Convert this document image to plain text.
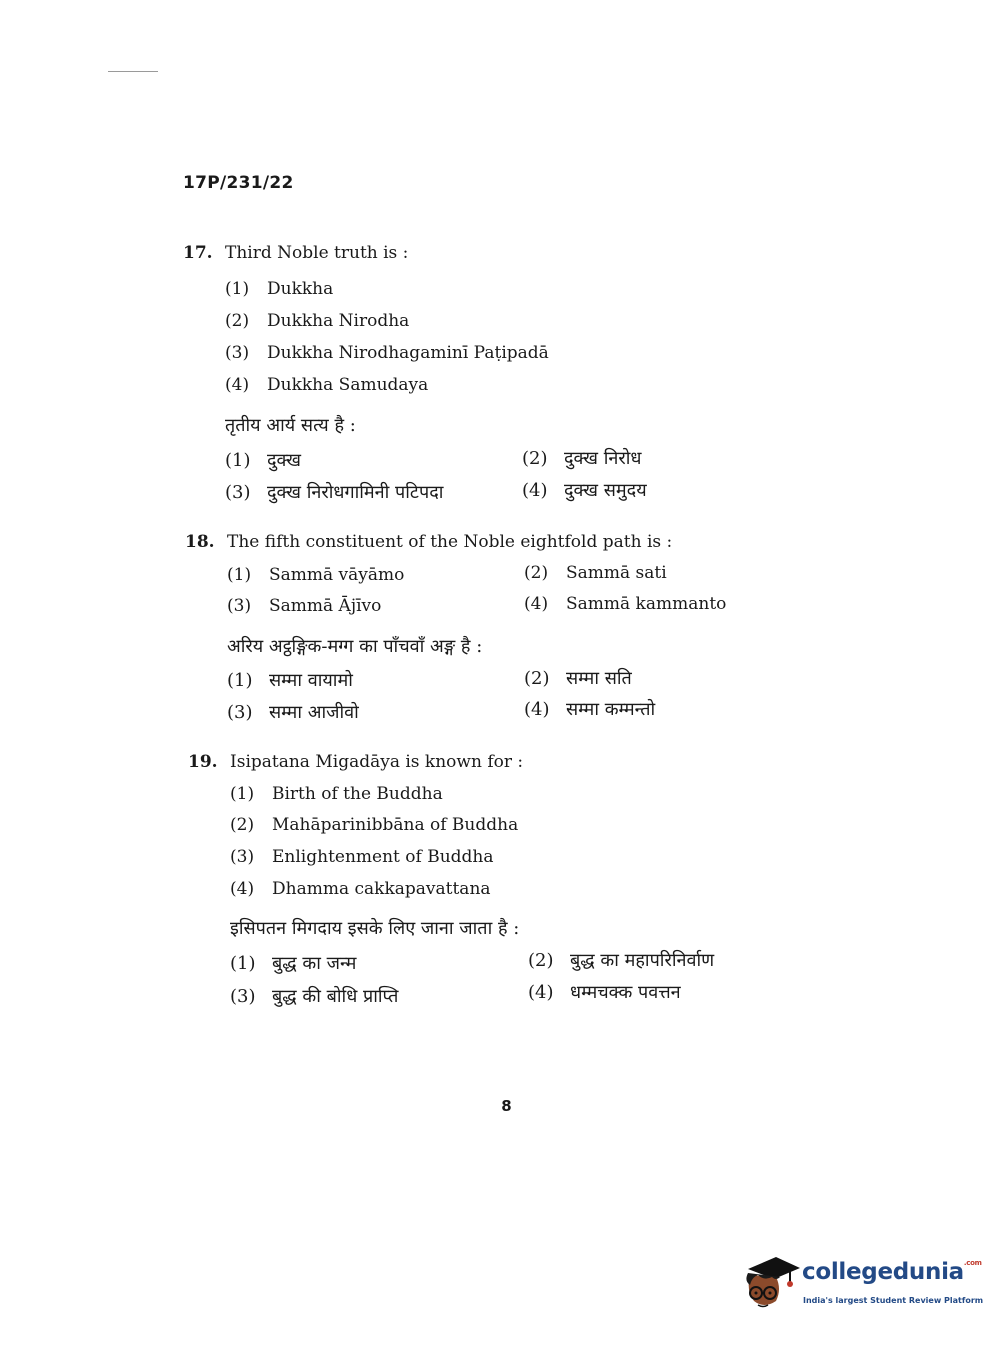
17P/231/22
17. Third Noble truth is :
(1) Dukkha
(2) Dukkha Nirodha
(3) Dukkha Nirodhagaminī Paṭipadā
(4) Dukkha Samudaya
तृतीय आर्य सत्य है :
(1) दुक्ख	(2) दुक्ख निरोध
(3) दुक्ख निरोधगामिनी पटिपदा	(4) दुक्ख समुदय
18. The fifth constituent of the Noble eightfold path is :
(1) Sammā vāyāmo	(2) Sammā sati
(3) Sammā Ājīvo	(4) Sammā kammanto
अरिय अट्ठङ्गिक-मग्ग का पाँचवाँ अङ्ग है :
(1) सम्मा वायामो	(2) सम्मा सति
(3) सम्मा आजीवो	(4) सम्मा कम्मन्तो
19. Isipatana Migadāya is known for :
(1) Birth of the Buddha
(2) Mahāparinibbāna of Buddha
(3) Enlightenment of Buddha
(4) Dhamma cakkapavattana
इसिपतन मिगदाय इसके लिए जाना जाता है :
(1) बुद्ध का जन्म	(2) बुद्ध का महापरिनिर्वाण
(3) बुद्ध की बोधि प्राप्ति	(4) धम्मचक्क पवत्तन
8
collegedunia$^{.com}$
India's largest Student Review Platform
